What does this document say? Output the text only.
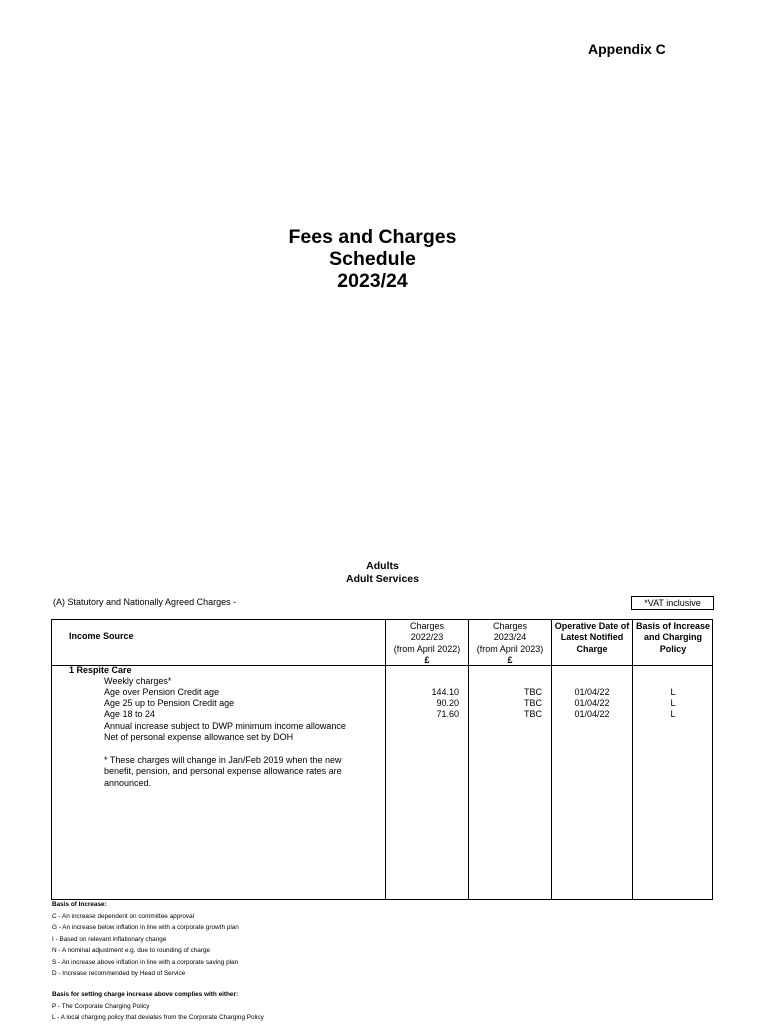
Appendix C
Fees and Charges
Schedule
2023/24
Adults
Adult Services
(A) Statutory and Nationally Agreed Charges -	*VAT inclusive
Income Source
Charges
2022/23
(from April 2022)
£
Charges
2023/24
(from April 2023)
£
Operative Date of
Latest Notified
Charge
Basis of Increase
and Charging
Policy
1 Respite Care
Weekly charges*
Age over Pension Credit age	144.10	TBC	01/04/22	L
Age 25 up to Pension Credit age	90.20	TBC	01/04/22	L
Age 18 to 24	71.60	TBC	01/04/22	L
Annual increase subject to DWP minimum income allowance
Net of personal expense allowance set by DOH
* These charges will change in Jan/Feb 2019 when the new
benefit, pension, and personal expense allowance rates are
announced.
Basis of Increase:
C - An increase dependent on committee approval
G - An increase below inflation in line with a corporate growth plan
I - Based on relevant inflationary change
N - A nominal adjustment e.g. due to rounding of charge
S - An increase above inflation in line with a corporate saving plan
D - Increase recommended by Head of Service
Basis for setting charge increase above complies with either:
P - The Corporate Charging Policy
L - A local charging policy that deviates from the Corporate Charging Policy
